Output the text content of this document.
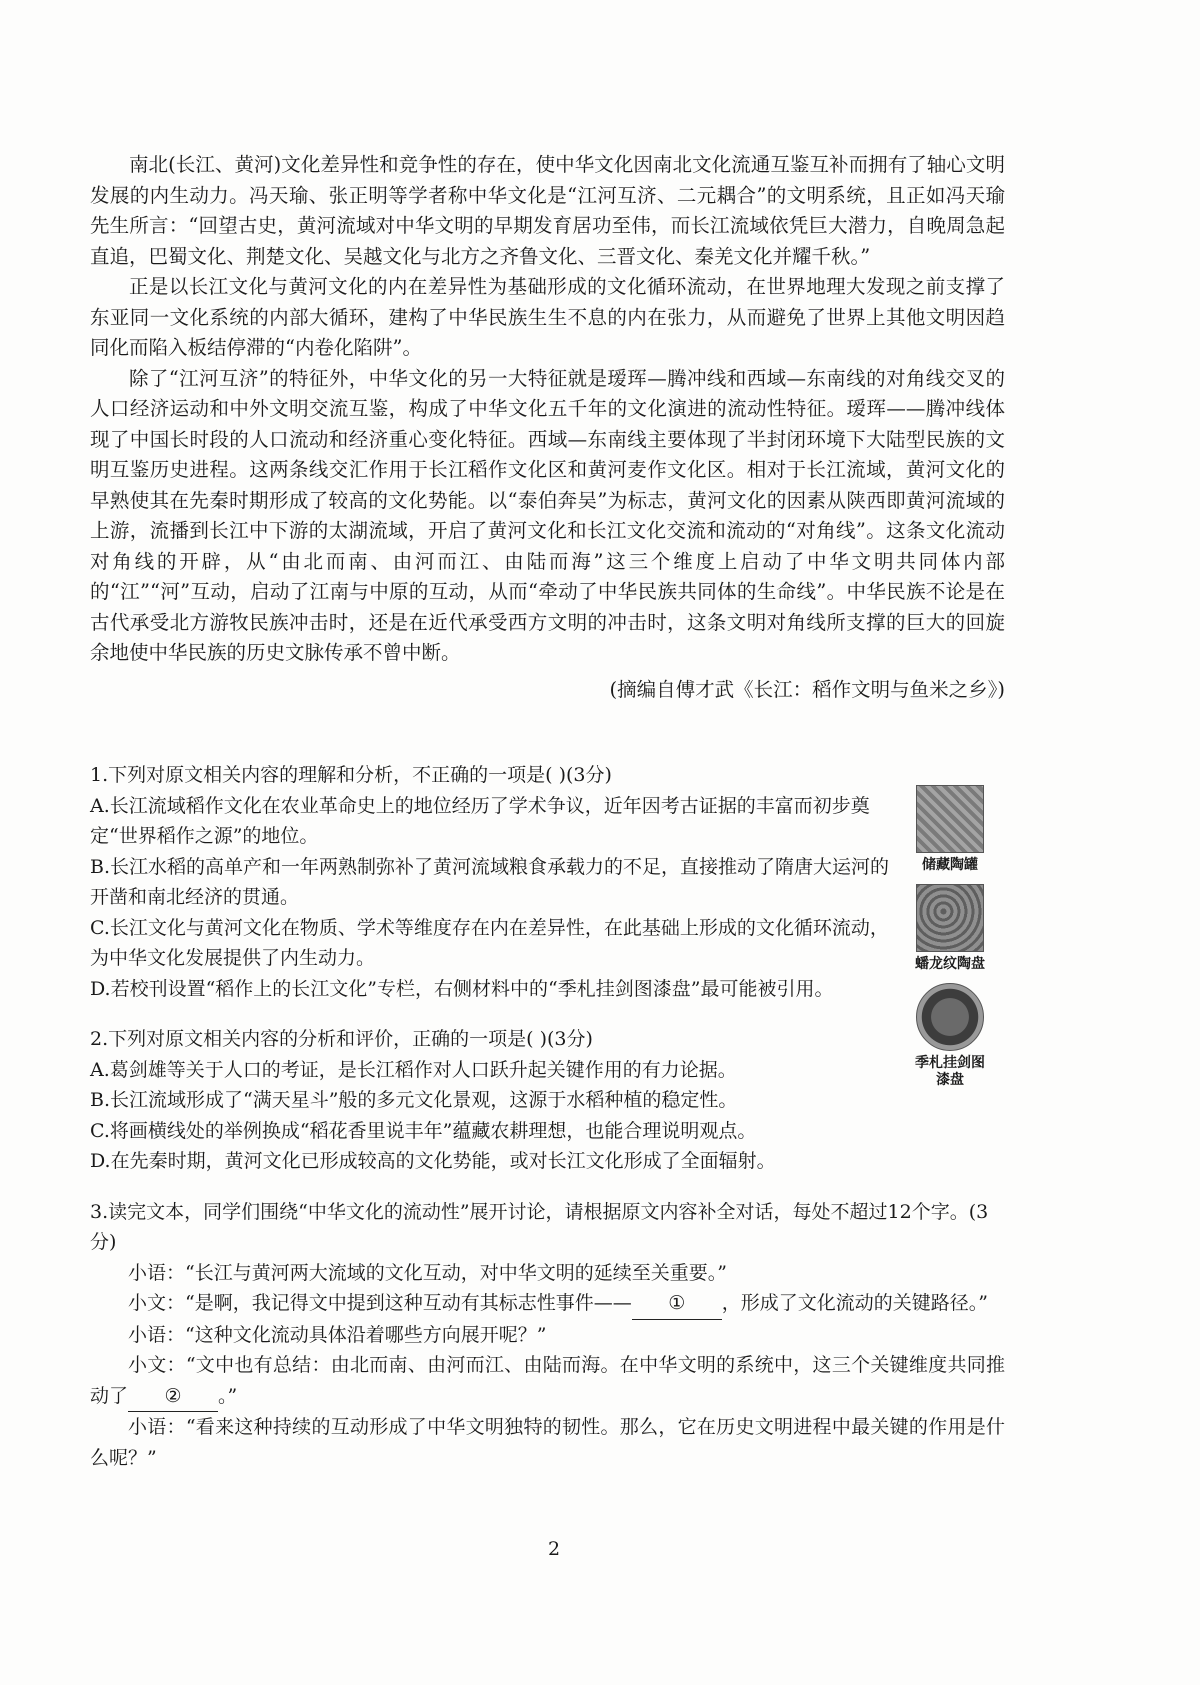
南北(长江、黄河)文化差异性和竞争性的存在，使中华文化因南北文化流通互鉴互补而拥有了轴心文明发展的内生动力。冯天瑜、张正明等学者称中华文化是“江河互济、二元耦合”的文明系统，且正如冯天瑜先生所言：“回望古史，黄河流域对中华文明的早期发育居功至伟，而长江流域依凭巨大潜力，自晚周急起直追，巴蜀文化、荆楚文化、吴越文化与北方之齐鲁文化、三晋文化、秦羌文化并耀千秋。”

正是以长江文化与黄河文化的内在差异性为基础形成的文化循环流动，在世界地理大发现之前支撑了东亚同一文化系统的内部大循环，建构了中华民族生生不息的内在张力，从而避免了世界上其他文明因趋同化而陷入板结停滞的“内卷化陷阱”。

除了“江河互济”的特征外，中华文化的另一大特征就是瑷珲—腾冲线和西域—东南线的对角线交叉的人口经济运动和中外文明交流互鉴，构成了中华文化五千年的文化演进的流动性特征。瑷珲——腾冲线体现了中国长时段的人口流动和经济重心变化特征。西域—东南线主要体现了半封闭环境下大陆型民族的文明互鉴历史进程。这两条线交汇作用于长江稻作文化区和黄河麦作文化区。相对于长江流域，黄河文化的早熟使其在先秦时期形成了较高的文化势能。以“泰伯奔吴”为标志，黄河文化的因素从陕西即黄河流域的上游，流播到长江中下游的太湖流域，开启了黄河文化和长江文化交流和流动的“对角线”。这条文化流动对角线的开辟，从“由北而南、由河而江、由陆而海”这三个维度上启动了中华文明共同体内部的“江”“河”互动，启动了江南与中原的互动，从而“牵动了中华民族共同体的生命线”。中华民族不论是在古代承受北方游牧民族冲击时，还是在近代承受西方文明的冲击时，这条文明对角线所支撑的巨大的回旋余地使中华民族的历史文脉传承不曾中断。

(摘编自傅才武《长江：稻作文明与鱼米之乡》)

1.下列对原文相关内容的理解和分析，不正确的一项是( )(3分)

A.长江流域稻作文化在农业革命史上的地位经历了学术争议，近年因考古证据的丰富而初步奠定“世界稻作之源”的地位。

B.长江水稻的高单产和一年两熟制弥补了黄河流域粮食承载力的不足，直接推动了隋唐大运河的开凿和南北经济的贯通。

C.长江文化与黄河文化在物质、学术等维度存在内在差异性，在此基础上形成的文化循环流动，为中华文化发展提供了内生动力。

D.若校刊设置“稻作上的长江文化”专栏，右侧材料中的“季札挂剑图漆盘”最可能被引用。

2.下列对原文相关内容的分析和评价，正确的一项是( )(3分)

A.葛剑雄等关于人口的考证，是长江稻作对人口跃升起关键作用的有力论据。

B.长江流域形成了“满天星斗”般的多元文化景观，这源于水稻种植的稳定性。

C.将画横线处的举例换成“稻花香里说丰年”蕴藏农耕理想，也能合理说明观点。

D.在先秦时期，黄河文化已形成较高的文化势能，或对长江文化形成了全面辐射。

3.读完文本，同学们围绕“中华文化的流动性”展开讨论，请根据原文内容补全对话，每处不超过12个字。(3分)

小语：“长江与黄河两大流域的文化互动，对中华文明的延续至关重要。”

小文：“是啊，我记得文中提到这种互动有其标志性事件—— ① ，形成了文化流动的关键路径。”

小语：“这种文化流动具体沿着哪些方向展开呢？”

小文：“文中也有总结：由北而南、由河而江、由陆而海。在中华文明的系统中，这三个关键维度共同推动了 ② 。”

小语：“看来这种持续的互动形成了中华文明独特的韧性。那么，它在历史文明进程中最关键的作用是什么呢？”

储藏陶罐
蟠龙纹陶盘
季札挂剑图漆盘
2
